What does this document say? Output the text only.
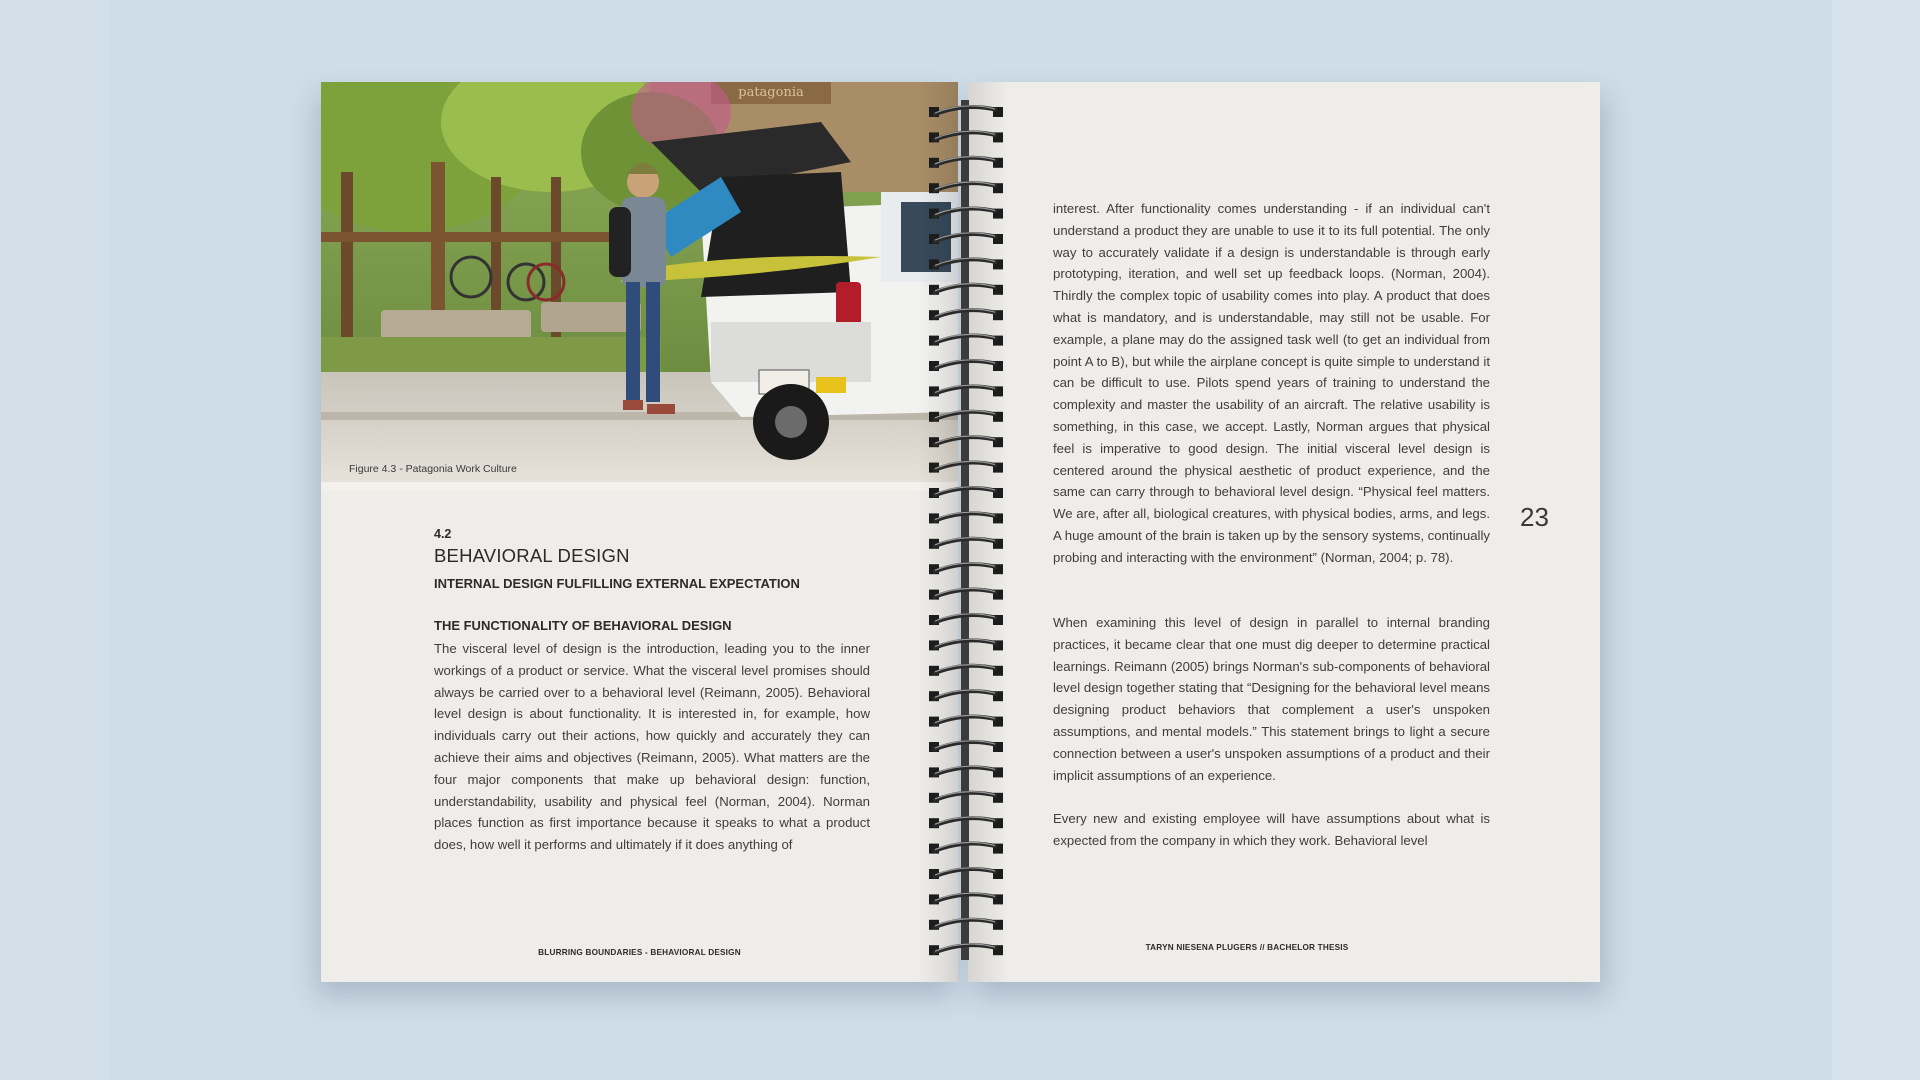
patagonia
Figure 4.3 - Patagonia Work Culture
4.2
BEHAVIORAL DESIGN
INTERNAL DESIGN FULFILLING EXTERNAL EXPECTATION
THE FUNCTIONALITY OF BEHAVIORAL DESIGN
The visceral level of design is the introduction, leading you to the inner workings of a product or service. What the visceral level promises should always be carried over to a behavioral level (Reimann, 2005). Behavioral level design is about functionality. It is interested in, for example, how individuals carry out their actions, how quickly and accurately they can achieve their aims and objectives (Reimann, 2005). What matters are the four major components that make up behavioral design: function, understandability, usability and physical feel (Norman, 2004). Norman places function as first importance because it speaks to what a product does, how well it performs and ultimately if it does anything of
BLURRING BOUNDARIES - BEHAVIORAL DESIGN
interest. After functionality comes understanding - if an individual can't understand a product they are unable to use it to its full potential. The only way to accurately validate if a design is understandable is through early prototyping, iteration, and well set up feedback loops. (Norman, 2004). Thirdly the complex topic of usability comes into play. A product that does what is mandatory, and is understandable, may still not be usable. For example, a plane may do the assigned task well (to get an individual from point A to B), but while the airplane concept is quite simple to understand it can be difficult to use. Pilots spend years of training to understand the complexity and master the usability of an aircraft. The relative usability is something, in this case, we accept. Lastly, Norman argues that physical feel is imperative to good design. The initial visceral level design is centered around the physical aesthetic of product experience, and the same can carry through to behavioral level design. “Physical feel matters. We are, after all, biological creatures, with physical bodies, arms, and legs. A huge amount of the brain is taken up by the sensory systems, continually probing and interacting with the environment” (Norman, 2004; p. 78).
When examining this level of design in parallel to internal branding practices, it became clear that one must dig deeper to determine practical learnings. Reimann (2005) brings Norman's sub-components of behavioral level design together stating that “Designing for the behavioral level means designing product behaviors that complement a user's unspoken assumptions, and mental models.” This statement brings to light a secure connection between a user's unspoken assumptions of a product and their implicit assumptions of an experience.
Every new and existing employee will have assumptions about what is expected from the company in which they work. Behavioral level
23
TARYN NIESENA PLUGERS // BACHELOR THESIS
